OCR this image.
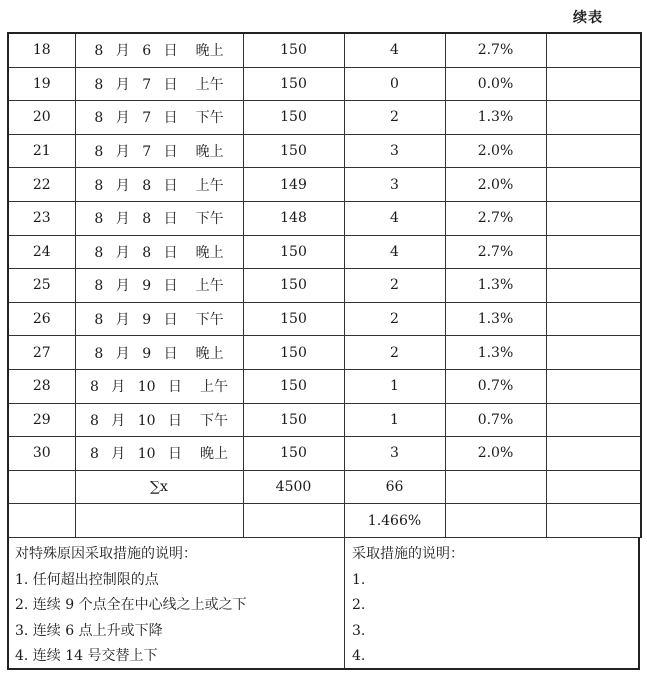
续表
18	8 月 6 日 晚上	150	4	2.7%	
19	8 月 7 日 上午	150	0	0.0%	
20	8 月 7 日 下午	150	2	1.3%	
21	8 月 7 日 晚上	150	3	2.0%	
22	8 月 8 日 上午	149	3	2.0%	
23	8 月 8 日 下午	148	4	2.7%	
24	8 月 8 日 晚上	150	4	2.7%	
25	8 月 9 日 上午	150	2	1.3%	
26	8 月 9 日 下午	150	2	1.3%	
27	8 月 9 日 晚上	150	2	1.3%	
28	8 月 10 日 上午	150	1	0.7%	
29	8 月 10 日 下午	150	1	0.7%	
30	8 月 10 日 晚上	150	3	2.0%	
	∑x	4500	66		
			1.466%		
对特殊原因采取措施的说明：
1. 任何超出控制限的点
2. 连续 9 个点全在中心线之上或之下
3. 连续 6 点上升或下降
4. 连续 14 号交替上下
采取措施的说明：
1.
2.
3.
4.
